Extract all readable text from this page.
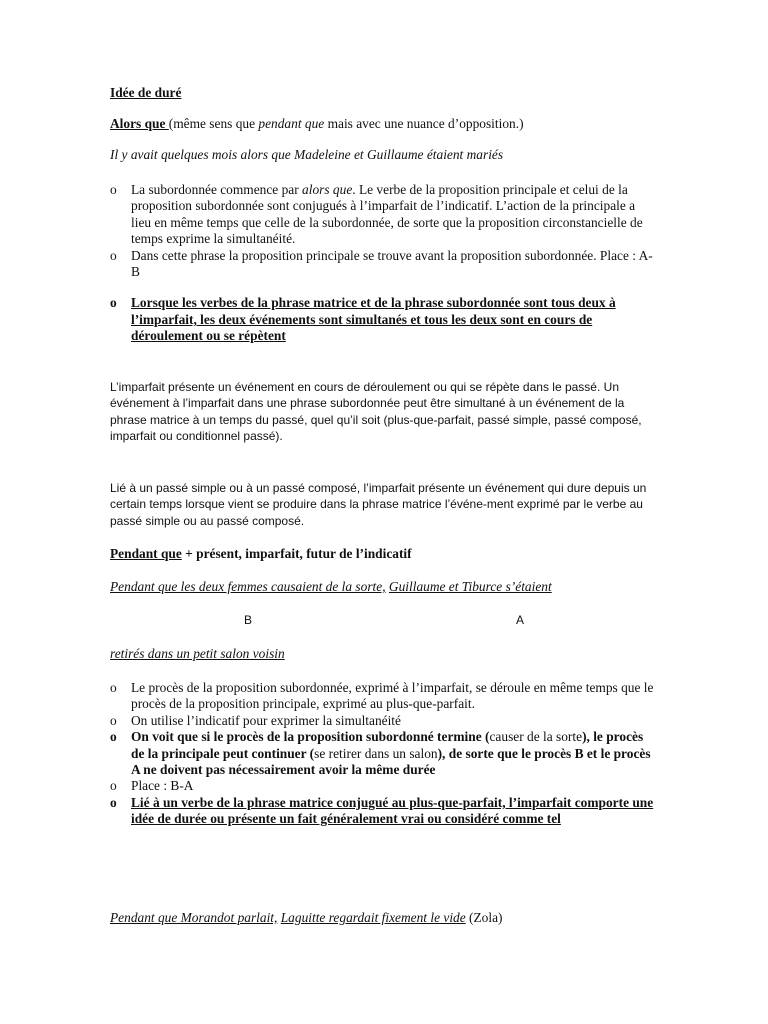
Idée de duré

Alors que (même sens que pendant que mais avec une nuance d’opposition.)

Il y avait quelques mois alors que Madeleine et Guillaume étaient mariés

o La subordonnée commence par alors que. Le verbe de la proposition principale et celui de la proposition subordonnée sont conjugués à l’imparfait de l’indicatif. L’action de la principale a lieu en même temps que celle de la subordonnée, de sorte que la proposition circonstancielle de temps exprime la simultanéité.
o Dans cette phrase la proposition principale se trouve avant la proposition subordonnée. Place : A-B
o Lorsque les verbes de la phrase matrice et de la phrase subordonnée sont tous deux à l’imparfait, les deux événements sont simultanés et tous les deux sont en cours de déroulement ou se répètent

L’imparfait présente un événement en cours de déroulement ou qui se répète dans le passé. Un événement à l’imparfait dans une phrase subordonnée peut être simultané à un événement de la phrase matrice à un temps du passé, quel qu’il soit (plus-que-parfait, passé simple, passé composé, imparfait ou conditionnel passé).

Lié à un passé simple ou à un passé composé, l’imparfait présente un événement qui dure depuis un certain temps lorsque vient se produire dans la phrase matrice l’événe-ment exprimé par le verbe au passé simple ou au passé composé.

Pendant que + présent, imparfait, futur de l’indicatif

Pendant que les deux femmes causaient de la sorte, Guillaume et Tiburce s’étaient

B	A

retirés dans un petit salon voisin

o Le procès de la proposition subordonnée, exprimé à l’imparfait, se déroule en même temps que le procès de la proposition principale, exprimé au plus-que-parfait.
o On utilise l’indicatif pour exprimer la simultanéité
o On voit que si le procès de la proposition subordonné termine (causer de la sorte), le procès de la principale peut continuer (se retirer dans un salon), de sorte que le procès B et le procès A ne doivent pas nécessairement avoir la même durée
o Place : B-A
o Lié à un verbe de la phrase matrice conjugué au plus-que-parfait, l’imparfait comporte une idée de durée ou présente un fait généralement vrai ou considéré comme tel

Pendant que Morandot parlait, Laguitte regardait fixement le vide (Zola)
